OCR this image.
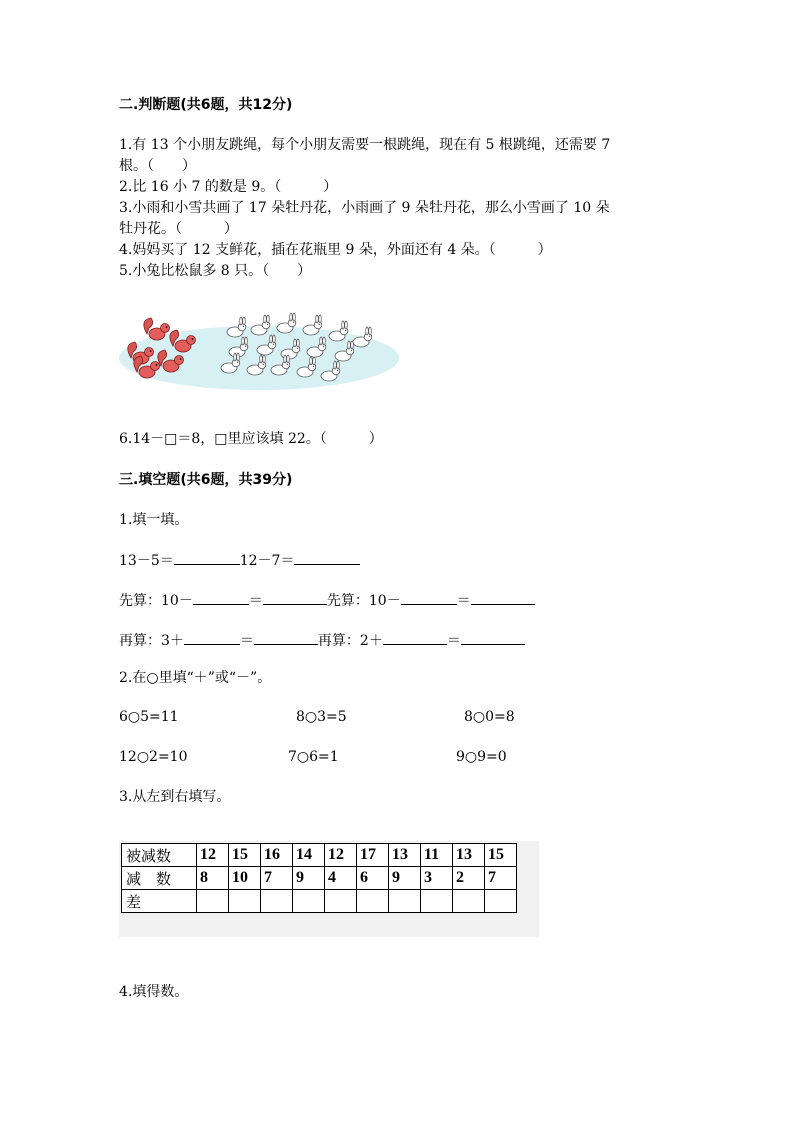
二.判断题(共6题，共12分)
1.有 13 个小朋友跳绳，每个小朋友需要一根跳绳，现在有 5 根跳绳，还需要 7
根。（　　）
2.比 16 小 7 的数是 9。（　　　）
3.小雨和小雪共画了 17 朵牡丹花，小雨画了 9 朵牡丹花，那么小雪画了 10 朵
牡丹花。（　　　）
4.妈妈买了 12 支鲜花，插在花瓶里 9 朵，外面还有 4 朵。（　　　）
5.小兔比松鼠多 8 只。（　　）
6.14－□＝8，□里应该填 22。（　　　）
三.填空题(共6题，共39分)
1.填一填。
13－5＝	12－7＝
先算：10－	＝	先算：10－	＝
再算：3＋	＝	再算：2＋	＝
2.在○里填“＋”或“－”。
6○5=11	8○3=5	8○0=8
12○2=10	7○6=1	9○9=0
3.从左到右填写。
被减数	12	15	16	14	12	17	13	11	13	15
减　数	8	10	7	9	4	6	9	3	2	7
差										
4.填得数。
